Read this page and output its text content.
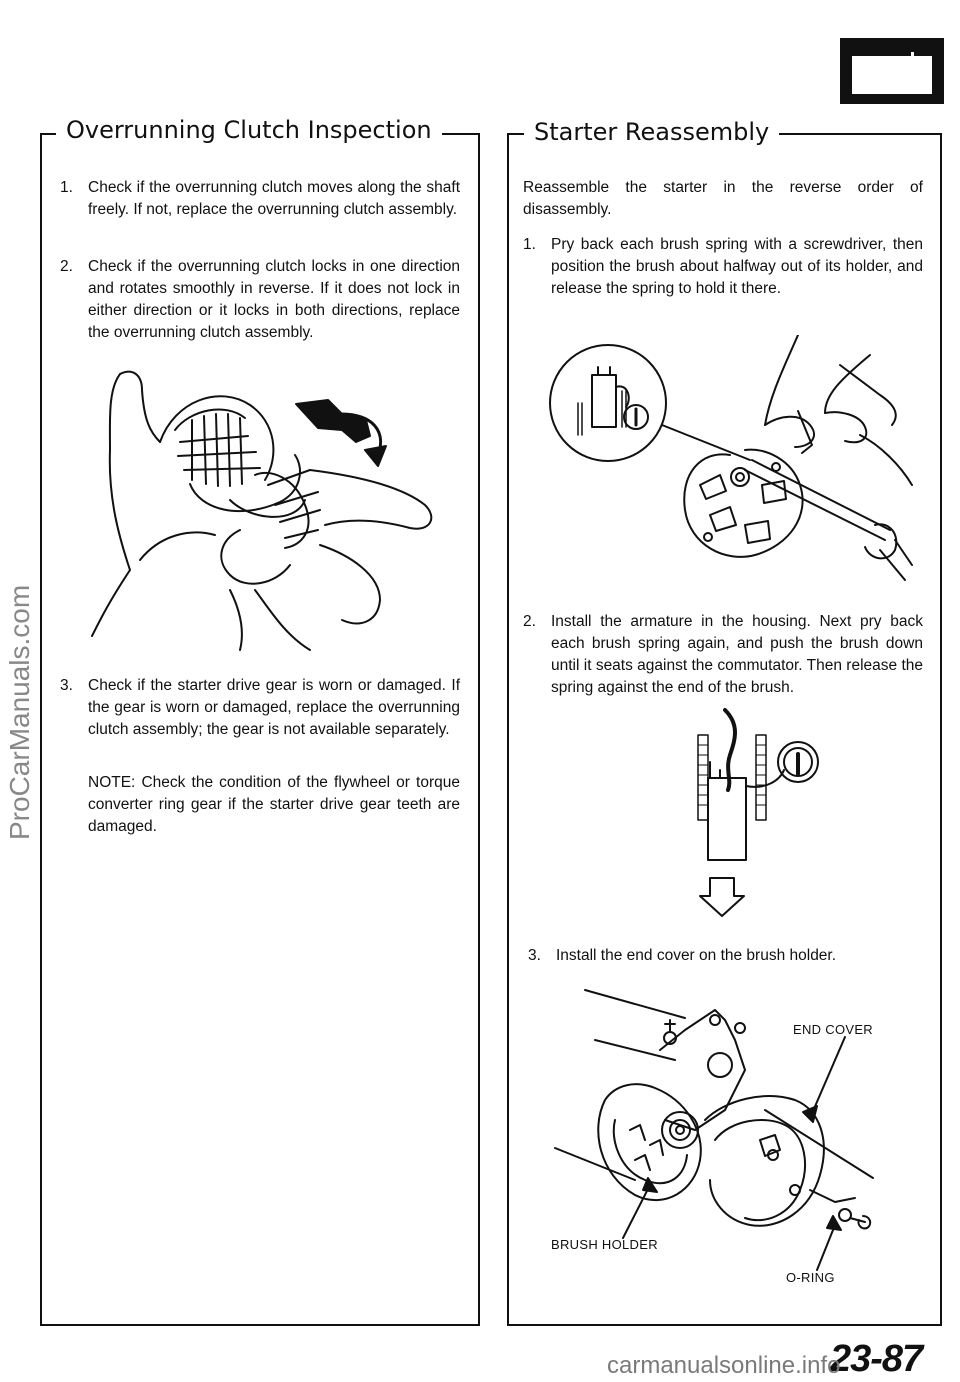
Overrunning Clutch Inspection	Starter Reassembly
1. Check if the overrunning clutch moves along the shaft freely. If not, replace the overrunning clutch assembly.
2. Check if the overrunning clutch locks in one direction and rotates smoothly in reverse. If it does not lock in either direction or it locks in both directions, replace the overrunning clutch assembly.
3. Check if the starter drive gear is worn or damaged. If the gear is worn or damaged, replace the overrunning clutch assembly; the gear is not available separately.
NOTE: Check the condition of the flywheel or torque converter ring gear if the starter drive gear teeth are damaged.
Reassemble the starter in the reverse order of disassembly.
1. Pry back each brush spring with a screwdriver, then position the brush about halfway out of its holder, and release the spring to hold it there.
2. Install the armature in the housing. Next pry back each brush spring again, and push the brush down until it seats against the commutator. Then release the spring against the end of the brush.
3. Install the end cover on the brush holder.
END COVER
BRUSH HOLDER
O-RING
23-87
ProCarManuals.com
carmanualsonline.info
